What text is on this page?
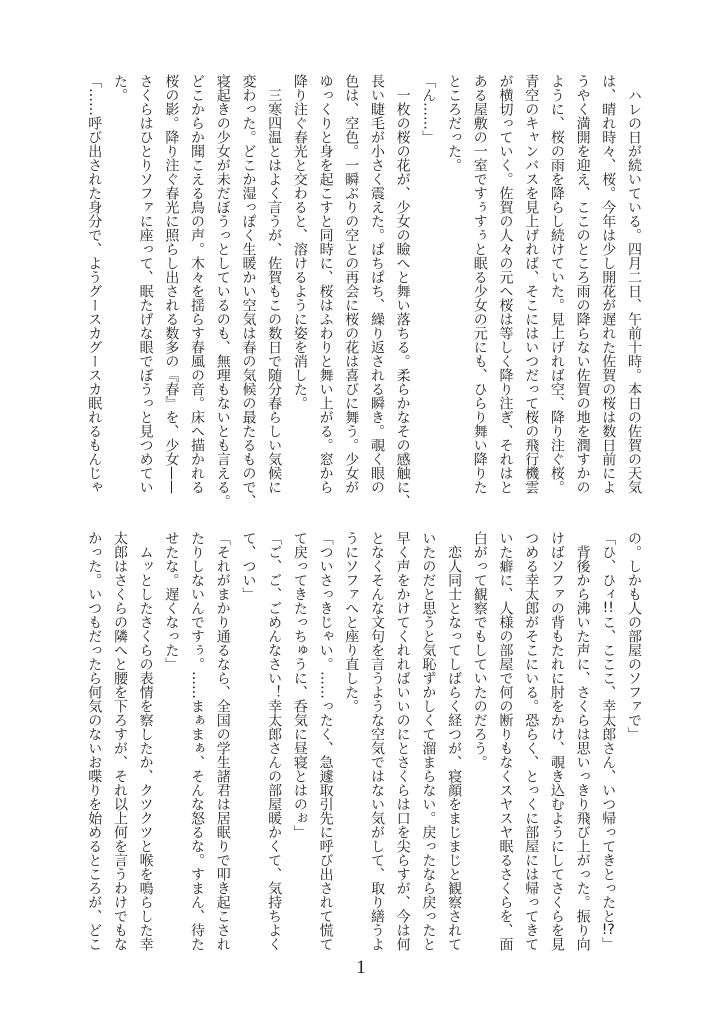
　ハレの日が続いている。四月二日、午前十時。本日の佐賀の天気
は、晴れ時々、桜。今年は少し開花が遅れた佐賀の桜は数日前によ
うやく満開を迎え、ここのところ雨の降らない佐賀の地を潤すかの
ように、桜の雨を降らし続けていた。見上げれば空、降り注ぐ桜。
青空のキャンバスを見上げれば、そこにはいつだって桜の飛行機雲
が横切っていく。佐賀の人々の元へ桜は等しく降り注ぎ、それはと
ある屋敷の一室ですぅすぅと眠る少女の元にも、ひらり舞い降りた
ところだった。
「ん……」
　一枚の桜の花が、少女の瞼へと舞い落ちる。柔らかなその感触に、
長い睫毛が小さく震えた。ぱちぱち、繰り返される瞬き。覗く眼の
色は、空色。一瞬ぶりの空との再会に桜の花は喜びに舞う。少女が
ゆっくりと身を起こすと同時に、桜はふわりと舞い上がる。窓から
降り注ぐ春光と交わると、溶けるように姿を消した。
　三寒四温とはよく言うが、佐賀もこの数日で随分春らしい気候に
変わった。どこか湿っぽく生暖かい空気は春の気候の最たるもので、
寝起きの少女が未だぼうっとしているのも、無理もないとも言える。
どこからか聞こえる鳥の声。木々を揺らす春風の音。床へ描かれる
桜の影。降り注ぐ春光に照らし出される数多の『春』を、少女——
さくらはひとりソファに座って、眠たげな眼でぼうっと見つめてい
た。
「……呼び出された身分で、ようグースカグースカ眠れるもんじゃ
の。しかも人の部屋のソファで」
「ひ、ひィ!!こ、こここ、幸太郎さん、いつ帰ってきとったと!?」
　背後から沸いた声に、さくらは思いっきり飛び上がった。振り向
けばソファの背もたれに肘をかけ、覗き込むようにしてさくらを見
つめる幸太郎がそこにいる。恐らく、とっくに部屋には帰ってきて
いた癖に、人様の部屋で何の断りもなくスヤスヤ眠るさくらを、面
白がって観察でもしていたのだろう。
　恋人同士となってしばらく経つが、寝顔をまじまじと観察されて
いたのだと思うと気恥ずかしくて溜まらない。戻ったなら戻ったと
早く声をかけてくれればいいのにとさくらは口を尖らすが、今は何
となくそんな文句を言うような空気ではない気がして、取り繕うよ
うにソファへと座り直した。
「ついさっきじゃい。……ったく、急遽取引先に呼び出されて慌て
て戻ってきたっちゅうに、呑気に昼寝とはのぉ」
「ご、ご、ごめんなさい！幸太郎さんの部屋暖かくて、気持ちよく
て、つい」
「それがまかり通るなら、全国の学生諸君は居眠りで叩き起こされ
たりしないんですぅ。……まぁまぁ、そんな怒るな。すまん、待た
せたな。遅くなった」
　ムッとしたさくらの表情を察したか、クツクツと喉を鳴らした幸
太郎はさくらの隣へと腰を下ろすが、それ以上何を言うわけでもな
かった。いつもだったら何気のないお喋りを始めるところが、どこ
1
